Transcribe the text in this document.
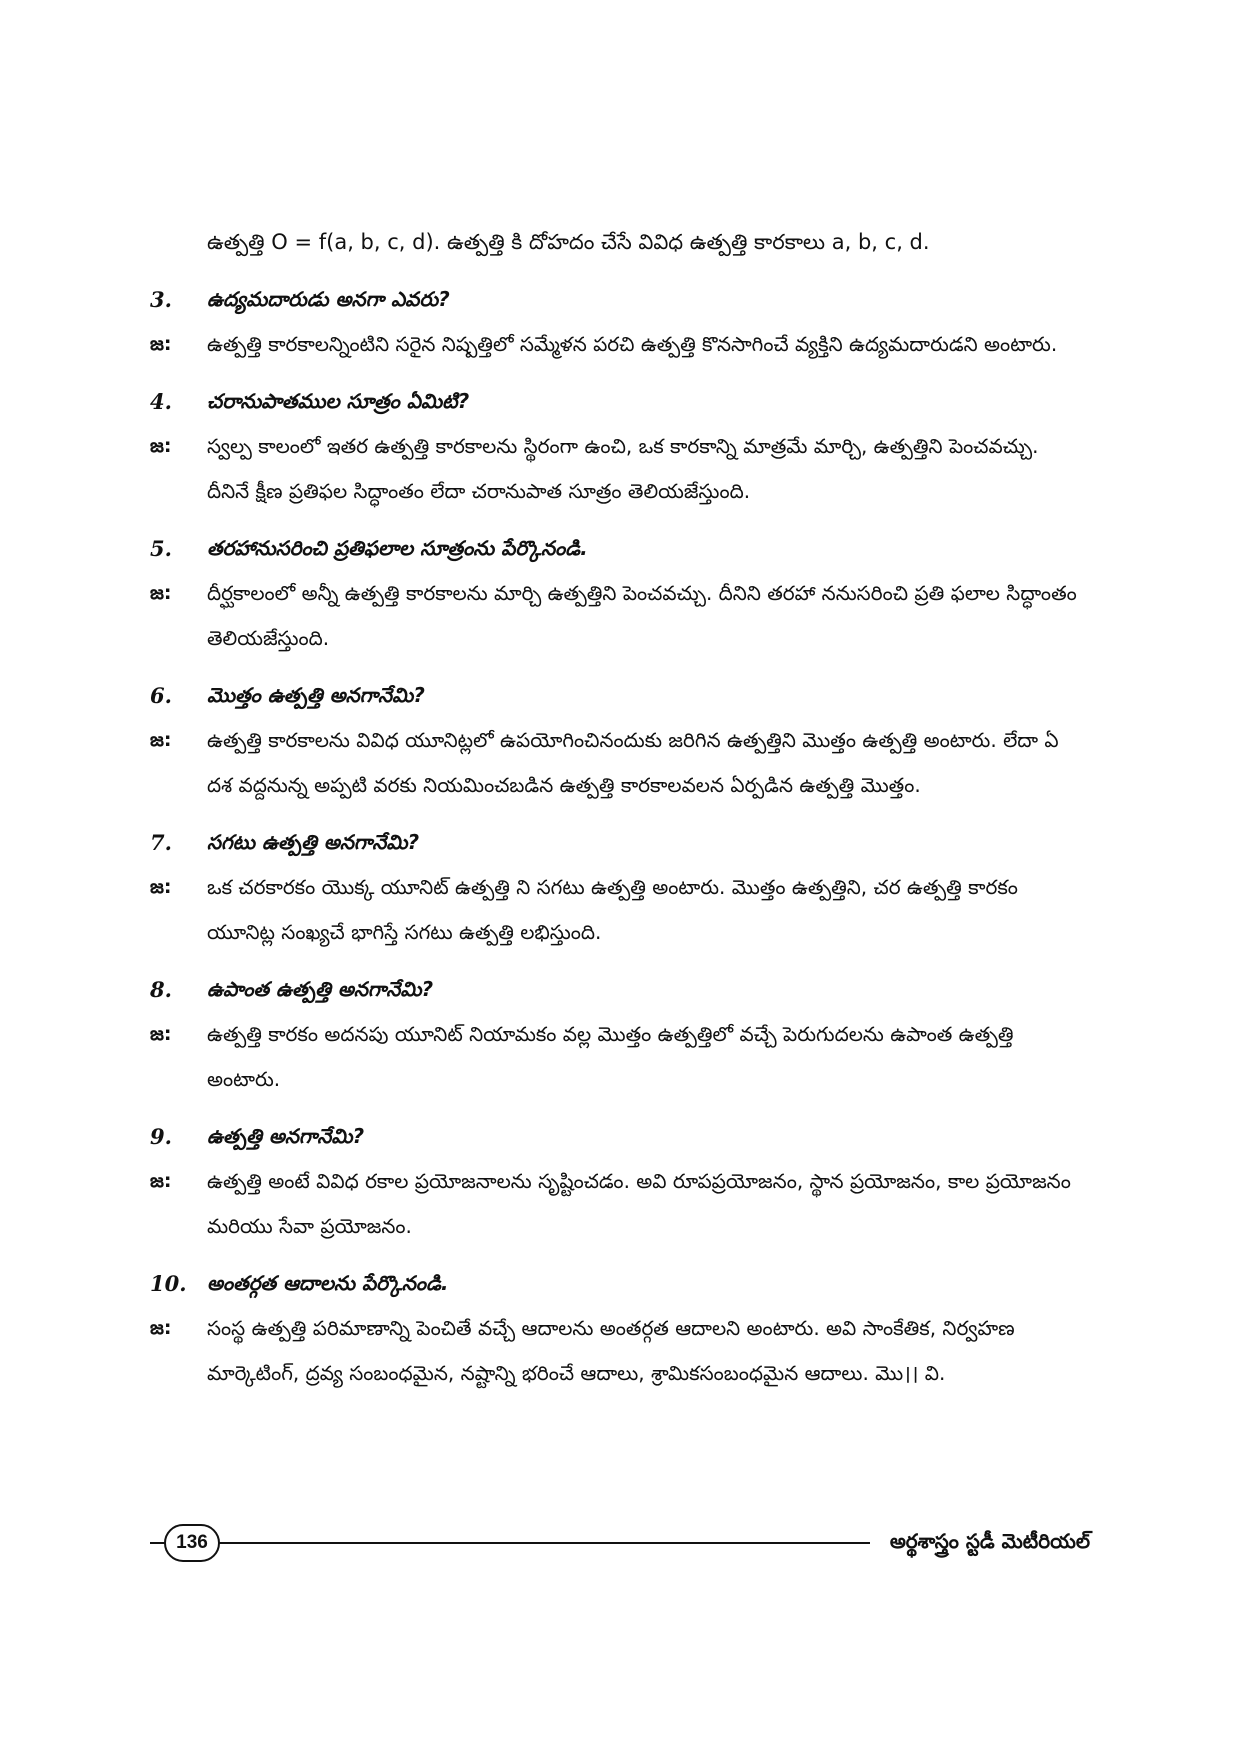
ఉత్పత్తి O = f(a, b, c, d). ఉత్పత్తి కి దోహదం చేసే వివిధ ఉత్పత్తి కారకాలు a, b, c, d.

3.	ఉద్యమదారుడు అనగా ఎవరు?
జ:	ఉత్పత్తి కారకాలన్నింటిని సరైన నిష్పత్తిలో సమ్మేళన పరచి ఉత్పత్తి కొనసాగించే వ్యక్తిని ఉద్యమదారుడని అంటారు.
4.	చరానుపాతముల సూత్రం ఏమిటి?
జ:	స్వల్ప కాలంలో ఇతర ఉత్పత్తి కారకాలను స్థిరంగా ఉంచి, ఒక కారకాన్ని మాత్రమే మార్చి, ఉత్పత్తిని పెంచవచ్చు. దీనినే క్షీణ ప్రతిఫల సిద్ధాంతం లేదా చరానుపాత సూత్రం తెలియజేస్తుంది.
5.	తరహానుసరించి ప్రతిఫలాల సూత్రంను పేర్కొనండి.
జ:	దీర్ఘకాలంలో అన్నీ ఉత్పత్తి కారకాలను మార్చి ఉత్పత్తిని పెంచవచ్చు. దీనిని తరహా ననుసరించి ప్రతి ఫలాల సిద్ధాంతం తెలియజేస్తుంది.
6.	మొత్తం ఉత్పత్తి అనగానేమి?
జ:	ఉత్పత్తి కారకాలను వివిధ యూనిట్లలో ఉపయోగించినందుకు జరిగిన ఉత్పత్తిని మొత్తం ఉత్పత్తి అంటారు. లేదా ఏ దశ వద్దనున్న అప్పటి వరకు నియమించబడిన ఉత్పత్తి కారకాలవలన ఏర్పడిన ఉత్పత్తి మొత్తం.
7.	సగటు ఉత్పత్తి అనగానేమి?
జ:	ఒక చరకారకం యొక్క యూనిట్ ఉత్పత్తి ని సగటు ఉత్పత్తి అంటారు. మొత్తం ఉత్పత్తిని, చర ఉత్పత్తి కారకం యూనిట్ల సంఖ్యచే భాగిస్తే సగటు ఉత్పత్తి లభిస్తుంది.
8.	ఉపాంత ఉత్పత్తి అనగానేమి?
జ:	ఉత్పత్తి కారకం అదనపు యూనిట్ నియామకం వల్ల మొత్తం ఉత్పత్తిలో వచ్చే పెరుగుదలను ఉపాంత ఉత్పత్తి అంటారు.
9.	ఉత్పత్తి అనగానేమి?
జ:	ఉత్పత్తి అంటే వివిధ రకాల ప్రయోజనాలను సృష్టించడం. అవి రూపప్రయోజనం, స్థాన ప్రయోజనం, కాల ప్రయోజనం మరియు సేవా ప్రయోజనం.
10.	అంతర్గత ఆదాలను పేర్కొనండి.
జ:	సంస్థ ఉత్పత్తి పరిమాణాన్ని పెంచితే వచ్చే ఆదాలను అంతర్గత ఆదాలని అంటారు. అవి సాంకేతిక, నిర్వహణ మార్కెటింగ్, ద్రవ్య సంబంధమైన, నష్టాన్ని భరించే ఆదాలు, శ్రామికసంబంధమైన ఆదాలు. మొ।। వి.
136	అర్థశాస్త్రం స్టడీ మెటీరియల్
